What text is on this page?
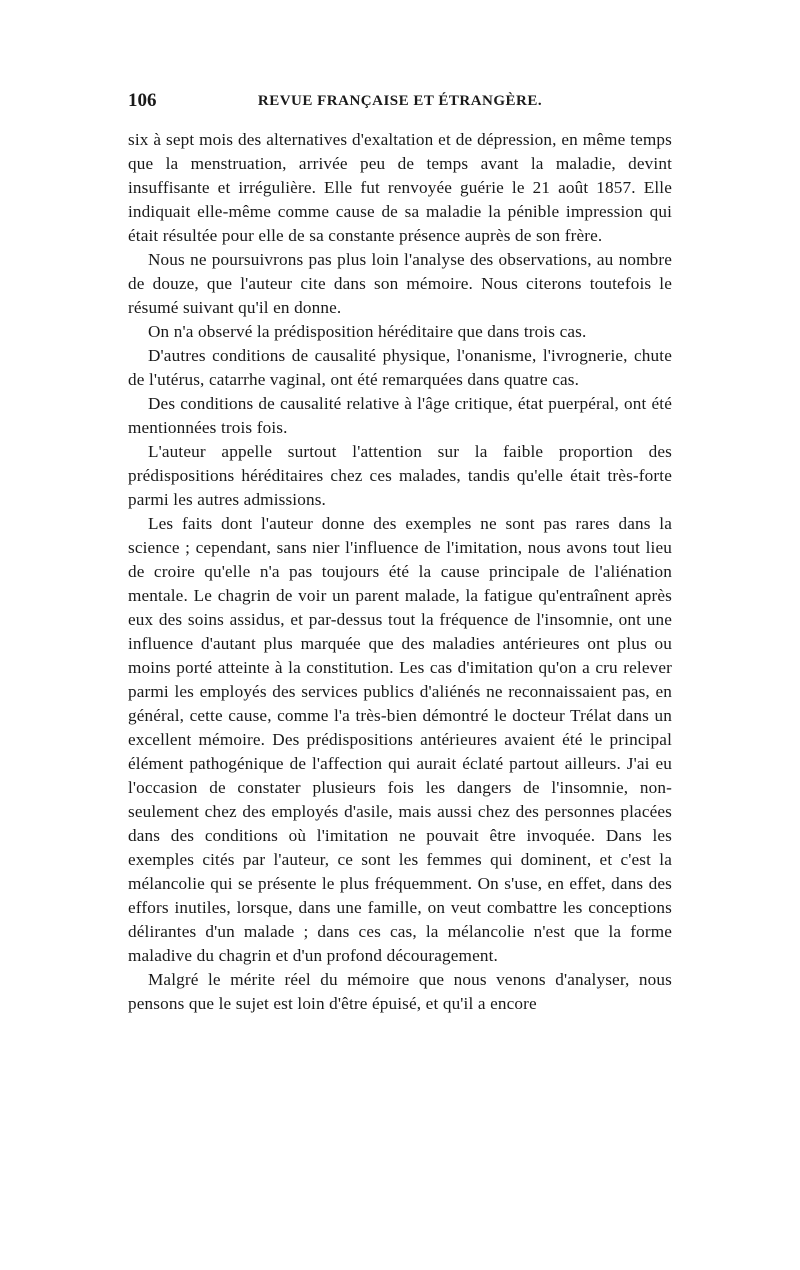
106	REVUE FRANÇAISE ET ÉTRANGÈRE.

six à sept mois des alternatives d'exaltation et de dépression, en même temps que la menstruation, arrivée peu de temps avant la maladie, devint insuffisante et irrégulière. Elle fut renvoyée guérie le 21 août 1857. Elle indiquait elle-même comme cause de sa maladie la pénible impression qui était résultée pour elle de sa constante présence auprès de son frère.

Nous ne poursuivrons pas plus loin l'analyse des observations, au nombre de douze, que l'auteur cite dans son mémoire. Nous citerons toutefois le résumé suivant qu'il en donne.

On n'a observé la prédisposition héréditaire que dans trois cas.

D'autres conditions de causalité physique, l'onanisme, l'ivrognerie, chute de l'utérus, catarrhe vaginal, ont été remarquées dans quatre cas.

Des conditions de causalité relative à l'âge critique, état puerpéral, ont été mentionnées trois fois.

L'auteur appelle surtout l'attention sur la faible proportion des prédispositions héréditaires chez ces malades, tandis qu'elle était très-forte parmi les autres admissions.

Les faits dont l'auteur donne des exemples ne sont pas rares dans la science ; cependant, sans nier l'influence de l'imitation, nous avons tout lieu de croire qu'elle n'a pas toujours été la cause principale de l'aliénation mentale. Le chagrin de voir un parent malade, la fatigue qu'entraînent après eux des soins assidus, et par-dessus tout la fréquence de l'insomnie, ont une influence d'autant plus marquée que des maladies antérieures ont plus ou moins porté atteinte à la constitution. Les cas d'imitation qu'on a cru relever parmi les employés des services publics d'aliénés ne reconnaissaient pas, en général, cette cause, comme l'a très-bien démontré le docteur Trélat dans un excellent mémoire. Des prédispositions antérieures avaient été le principal élément pathogénique de l'affection qui aurait éclaté partout ailleurs. J'ai eu l'occasion de constater plusieurs fois les dangers de l'insomnie, non-seulement chez des employés d'asile, mais aussi chez des personnes placées dans des conditions où l'imitation ne pouvait être invoquée. Dans les exemples cités par l'auteur, ce sont les femmes qui dominent, et c'est la mélancolie qui se présente le plus fréquemment. On s'use, en effet, dans des effors inutiles, lorsque, dans une famille, on veut combattre les conceptions délirantes d'un malade ; dans ces cas, la mélancolie n'est que la forme maladive du chagrin et d'un profond découragement.

Malgré le mérite réel du mémoire que nous venons d'analyser, nous pensons que le sujet est loin d'être épuisé, et qu'il a encore
